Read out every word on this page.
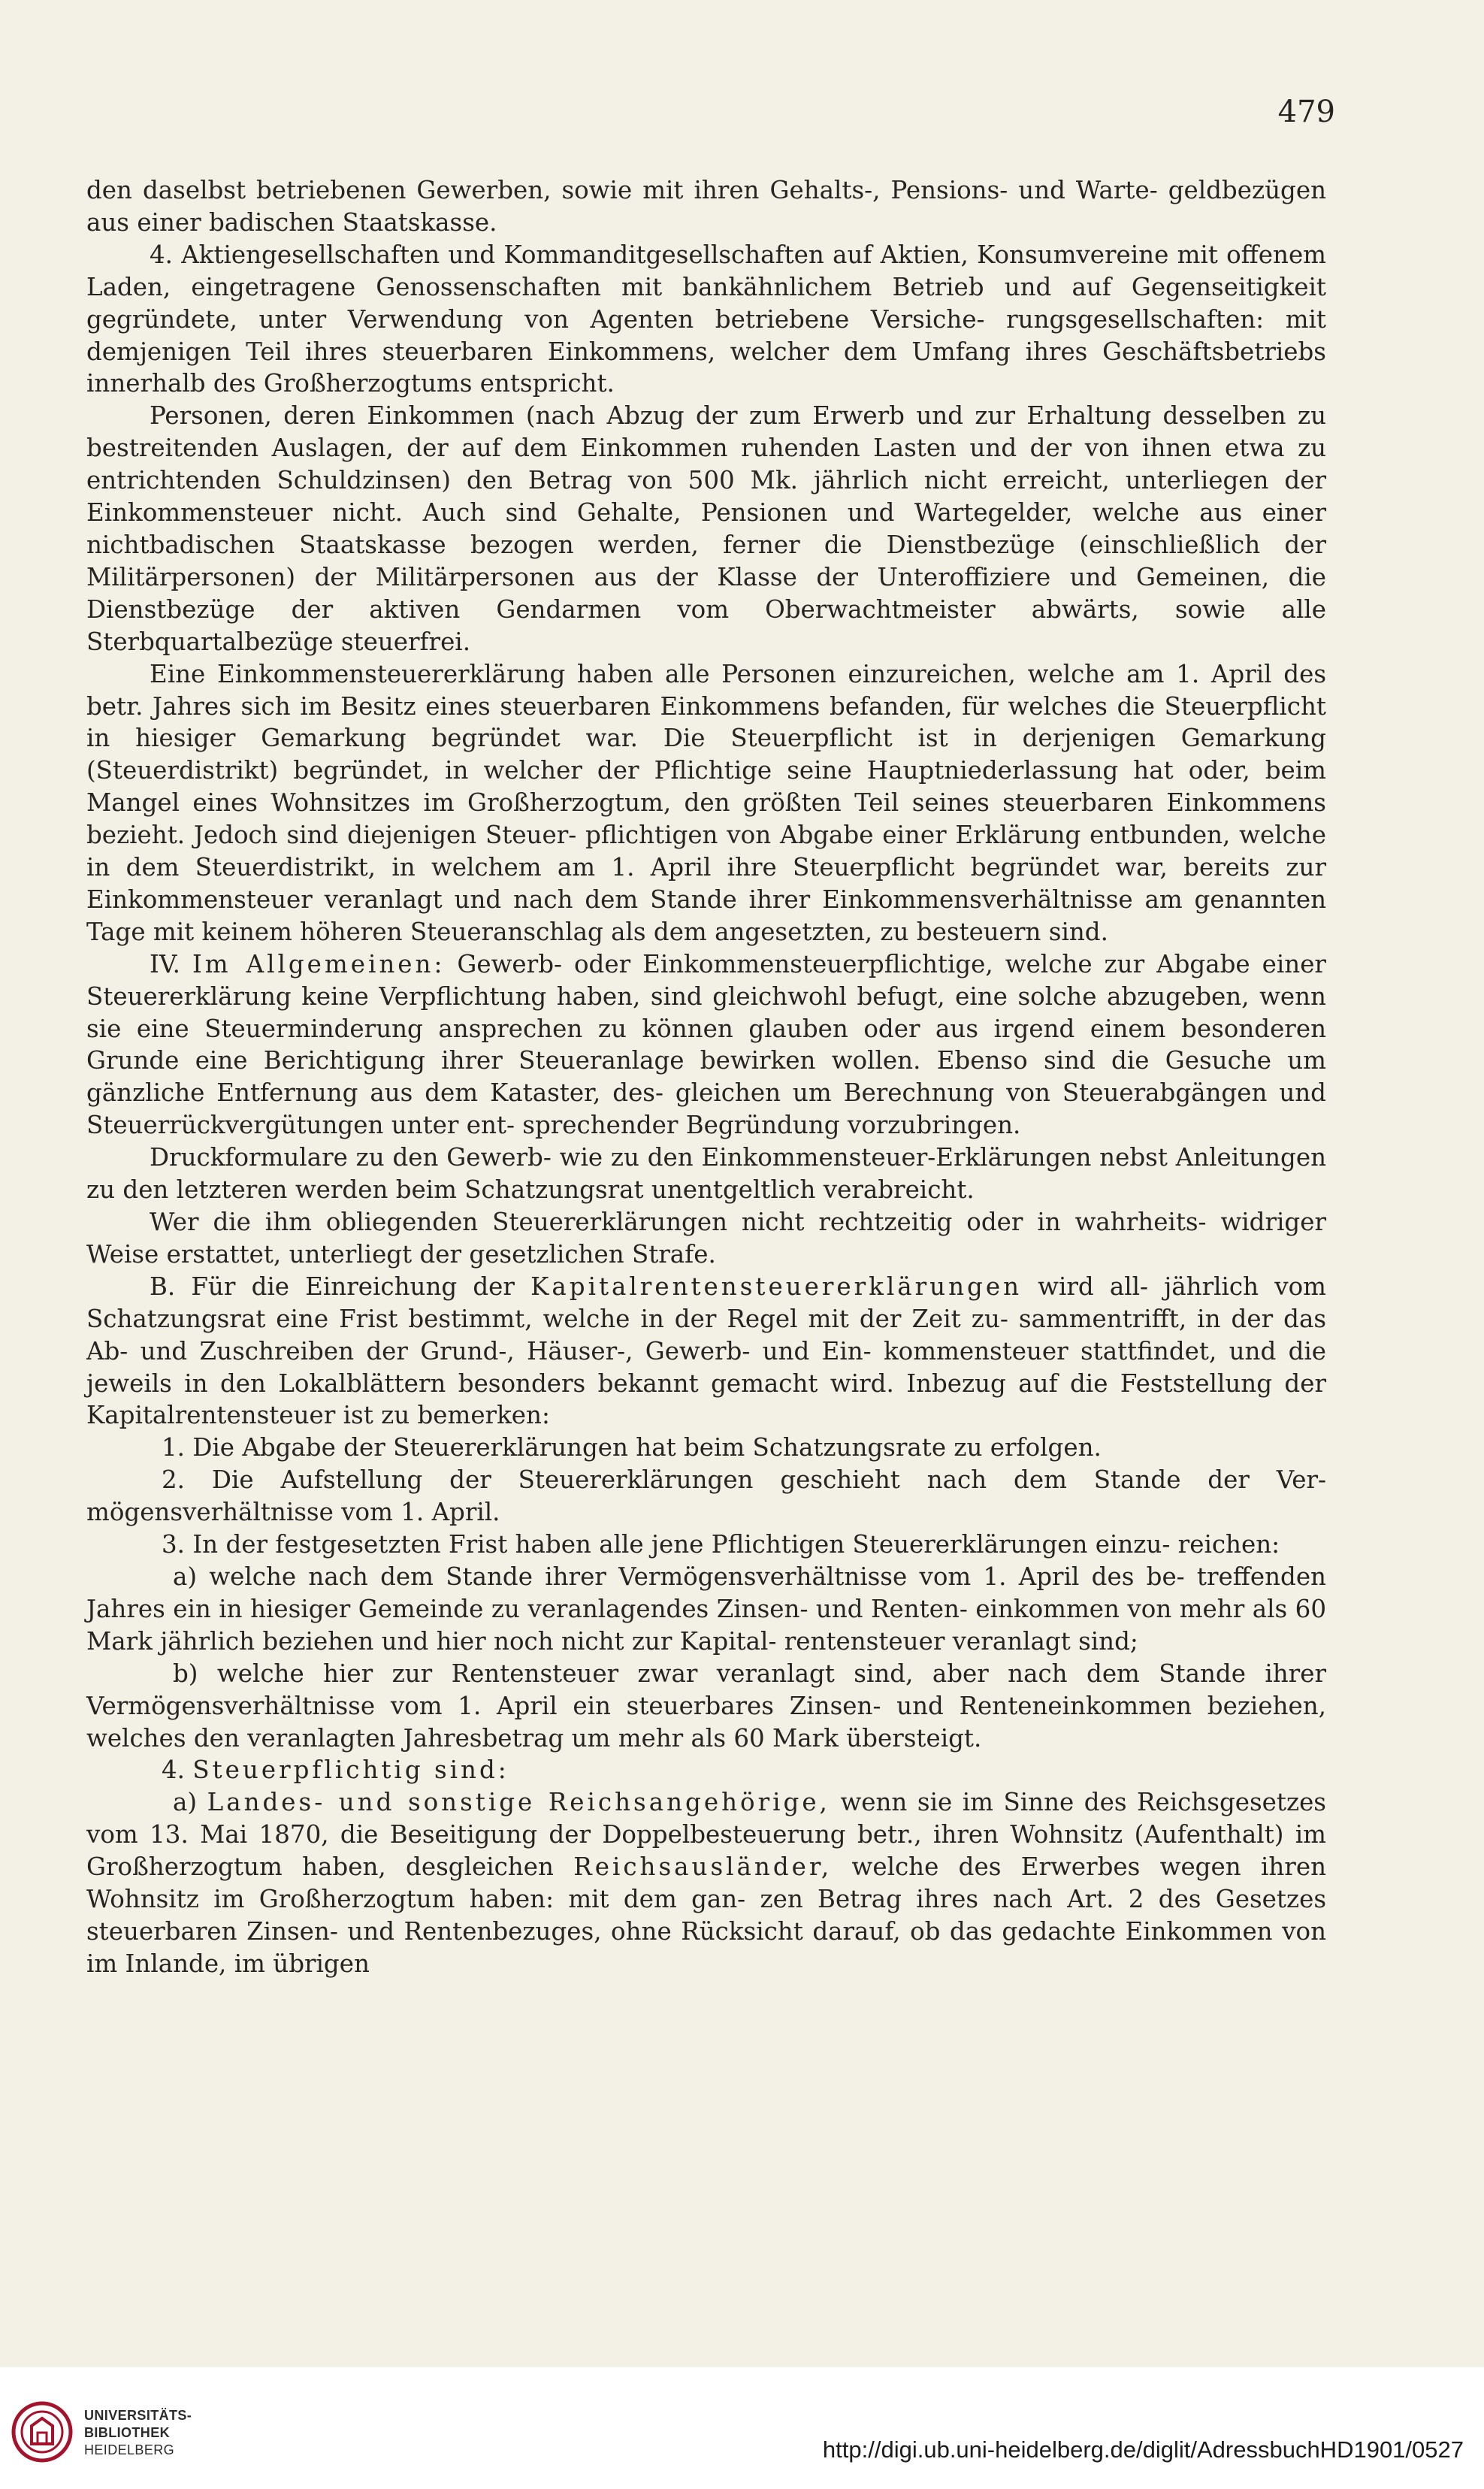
479

den daselbst betriebenen Gewerben, sowie mit ihren Gehalts-, Pensions- und Warte- geldbezügen aus einer badischen Staatskasse.

4. Aktiengesellschaften und Kommanditgesellschaften auf Aktien, Konsumvereine mit offenem Laden, eingetragene Genossenschaften mit bankähnlichem Betrieb und auf Gegenseitigkeit gegründete, unter Verwendung von Agenten betriebene Versiche- rungsgesellschaften: mit demjenigen Teil ihres steuerbaren Einkommens, welcher dem Umfang ihres Geschäftsbetriebs innerhalb des Großherzogtums entspricht.

Personen, deren Einkommen (nach Abzug der zum Erwerb und zur Erhaltung desselben zu bestreitenden Auslagen, der auf dem Einkommen ruhenden Lasten und der von ihnen etwa zu entrichtenden Schuldzinsen) den Betrag von 500 Mk. jährlich nicht erreicht, unterliegen der Einkommensteuer nicht. Auch sind Gehalte, Pensionen und Wartegelder, welche aus einer nichtbadischen Staatskasse bezogen werden, ferner die Dienstbezüge (einschließlich der Militärpersonen) der Militärpersonen aus der Klasse der Unteroffiziere und Gemeinen, die Dienstbezüge der aktiven Gendarmen vom Oberwachtmeister abwärts, sowie alle Sterbquartalbezüge steuerfrei.

Eine Einkommensteuererklärung haben alle Personen einzureichen, welche am 1. April des betr. Jahres sich im Besitz eines steuerbaren Einkommens befanden, für welches die Steuerpflicht in hiesiger Gemarkung begründet war. Die Steuerpflicht ist in derjenigen Gemarkung (Steuerdistrikt) begründet, in welcher der Pflichtige seine Hauptniederlassung hat oder, beim Mangel eines Wohnsitzes im Großherzogtum, den größten Teil seines steuerbaren Einkommens bezieht. Jedoch sind diejenigen Steuer- pflichtigen von Abgabe einer Erklärung entbunden, welche in dem Steuerdistrikt, in welchem am 1. April ihre Steuerpflicht begründet war, bereits zur Einkommensteuer veranlagt und nach dem Stande ihrer Einkommensverhältnisse am genannten Tage mit keinem höheren Steueranschlag als dem angesetzten, zu besteuern sind.

IV. Im Allgemeinen: Gewerb- oder Einkommensteuerpflichtige, welche zur Abgabe einer Steuererklärung keine Verpflichtung haben, sind gleichwohl befugt, eine solche abzugeben, wenn sie eine Steuerminderung ansprechen zu können glauben oder aus irgend einem besonderen Grunde eine Berichtigung ihrer Steueranlage bewirken wollen. Ebenso sind die Gesuche um gänzliche Entfernung aus dem Kataster, des- gleichen um Berechnung von Steuerabgängen und Steuerrückvergütungen unter ent- sprechender Begründung vorzubringen.

Druckformulare zu den Gewerb- wie zu den Einkommensteuer-Erklärungen nebst Anleitungen zu den letzteren werden beim Schatzungsrat unentgeltlich verabreicht.

Wer die ihm obliegenden Steuererklärungen nicht rechtzeitig oder in wahrheits- widriger Weise erstattet, unterliegt der gesetzlichen Strafe.

B. Für die Einreichung der Kapitalrentensteuererklärungen wird all- jährlich vom Schatzungsrat eine Frist bestimmt, welche in der Regel mit der Zeit zu- sammentrifft, in der das Ab- und Zuschreiben der Grund-, Häuser-, Gewerb- und Ein- kommensteuer stattfindet, und die jeweils in den Lokalblättern besonders bekannt gemacht wird. Inbezug auf die Feststellung der Kapitalrentensteuer ist zu bemerken:

1. Die Abgabe der Steuererklärungen hat beim Schatzungsrate zu erfolgen.

2. Die Aufstellung der Steuererklärungen geschieht nach dem Stande der Ver- mögensverhältnisse vom 1. April.

3. In der festgesetzten Frist haben alle jene Pflichtigen Steuererklärungen einzu- reichen:

a) welche nach dem Stande ihrer Vermögensverhältnisse vom 1. April des be- treffenden Jahres ein in hiesiger Gemeinde zu veranlagendes Zinsen- und Renten- einkommen von mehr als 60 Mark jährlich beziehen und hier noch nicht zur Kapital- rentensteuer veranlagt sind;

b) welche hier zur Rentensteuer zwar veranlagt sind, aber nach dem Stande ihrer Vermögensverhältnisse vom 1. April ein steuerbares Zinsen- und Renteneinkommen beziehen, welches den veranlagten Jahresbetrag um mehr als 60 Mark übersteigt.

4. Steuerpflichtig sind:

a) Landes- und sonstige Reichsangehörige, wenn sie im Sinne des Reichsgesetzes vom 13. Mai 1870, die Beseitigung der Doppelbesteuerung betr., ihren Wohnsitz (Aufenthalt) im Großherzogtum haben, desgleichen Reichsausländer, welche des Erwerbes wegen ihren Wohnsitz im Großherzogtum haben: mit dem gan- zen Betrag ihres nach Art. 2 des Gesetzes steuerbaren Zinsen- und Rentenbezuges, ohne Rücksicht darauf, ob das gedachte Einkommen von im Inlande, im übrigen

UNIVERSITÄTS-
BIBLIOTHEK
HEIDELBERG	http://digi.ub.uni-heidelberg.de/diglit/AdressbuchHD1901/0527
